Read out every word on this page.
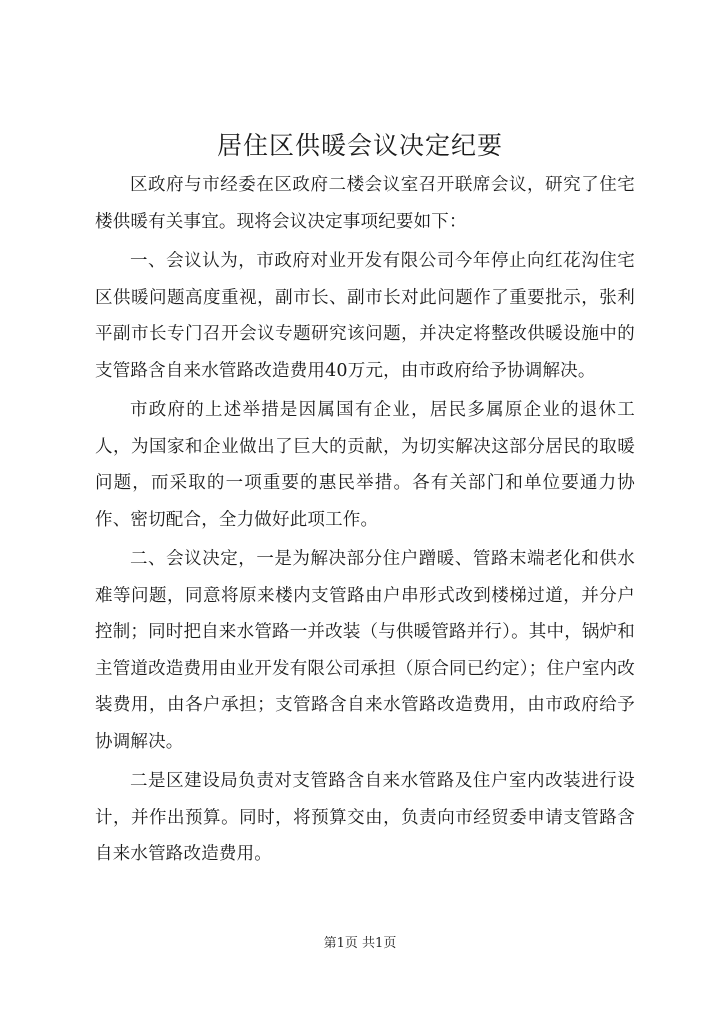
居住区供暖会议决定纪要

区政府与市经委在区政府二楼会议室召开联席会议，研究了住宅楼供暖有关事宜。现将会议决定事项纪要如下：

一、会议认为，市政府对业开发有限公司今年停止向红花沟住宅区供暖问题高度重视，副市长、副市长对此问题作了重要批示，张利平副市长专门召开会议专题研究该问题，并决定将整改供暖设施中的支管路含自来水管路改造费用40万元，由市政府给予协调解决。

市政府的上述举措是因属国有企业，居民多属原企业的退休工人，为国家和企业做出了巨大的贡献，为切实解决这部分居民的取暖问题，而采取的一项重要的惠民举措。各有关部门和单位要通力协作、密切配合，全力做好此项工作。

二、会议决定，一是为解决部分住户蹭暖、管路末端老化和供水难等问题，同意将原来楼内支管路由户串形式改到楼梯过道，并分户控制；同时把自来水管路一并改装（与供暖管路并行）。其中，锅炉和主管道改造费用由业开发有限公司承担（原合同已约定）；住户室内改装费用，由各户承担；支管路含自来水管路改造费用，由市政府给予协调解决。

二是区建设局负责对支管路含自来水管路及住户室内改装进行设计，并作出预算。同时，将预算交由，负责向市经贸委申请支管路含自来水管路改造费用。

第1页 共1页
